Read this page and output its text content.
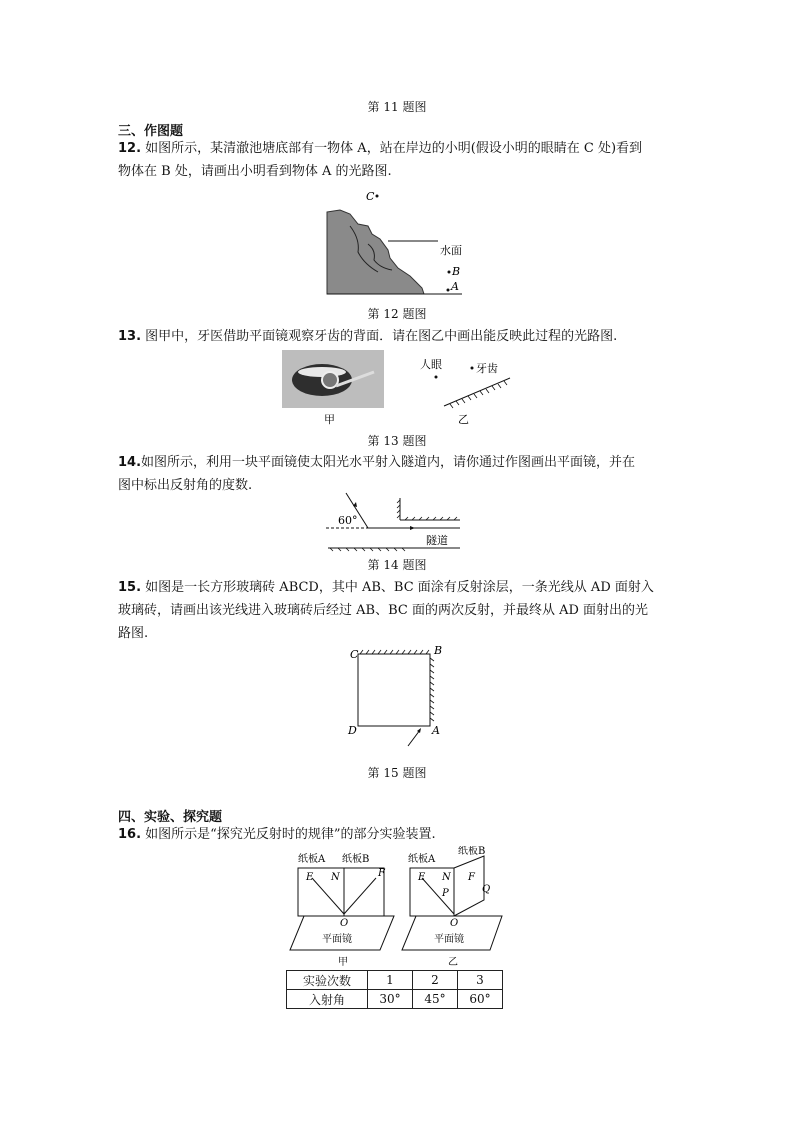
第 11 题图
三、作图题
12. 如图所示，某清澈池塘底部有一物体 A，站在岸边的小明(假设小明的眼睛在 C 处)看到
物体在 B 处，请画出小明看到物体 A 的光路图.
C
水面
B
A
第 12 题图
13. 图甲中，牙医借助平面镜观察牙齿的背面．请在图乙中画出能反映此过程的光路图.
甲
人眼	牙齿
乙
第 13 题图
14.如图所示，利用一块平面镜使太阳光水平射入隧道内，请你通过作图画出平面镜，并在
图中标出反射角的度数.
60°
隧道
第 14 题图
15. 如图是一长方形玻璃砖 ABCD，其中 AB、BC 面涂有反射涂层，一条光线从 AD 面射入
玻璃砖，请画出该光线进入玻璃砖后经过 AB、BC 面的两次反射，并最终从 AD 面射出的光
路图.
C	B
D	A
第 15 题图
四、实验、探究题
16. 如图所示是“探究光反射时的规律”的部分实验装置.
纸板A 纸板B
E N	F
O
平面镜
甲
纸板A
纸板B
E N F
P	Q
O
平面镜
乙
实验次数	1	2	3
入射角	30°	45°	60°
